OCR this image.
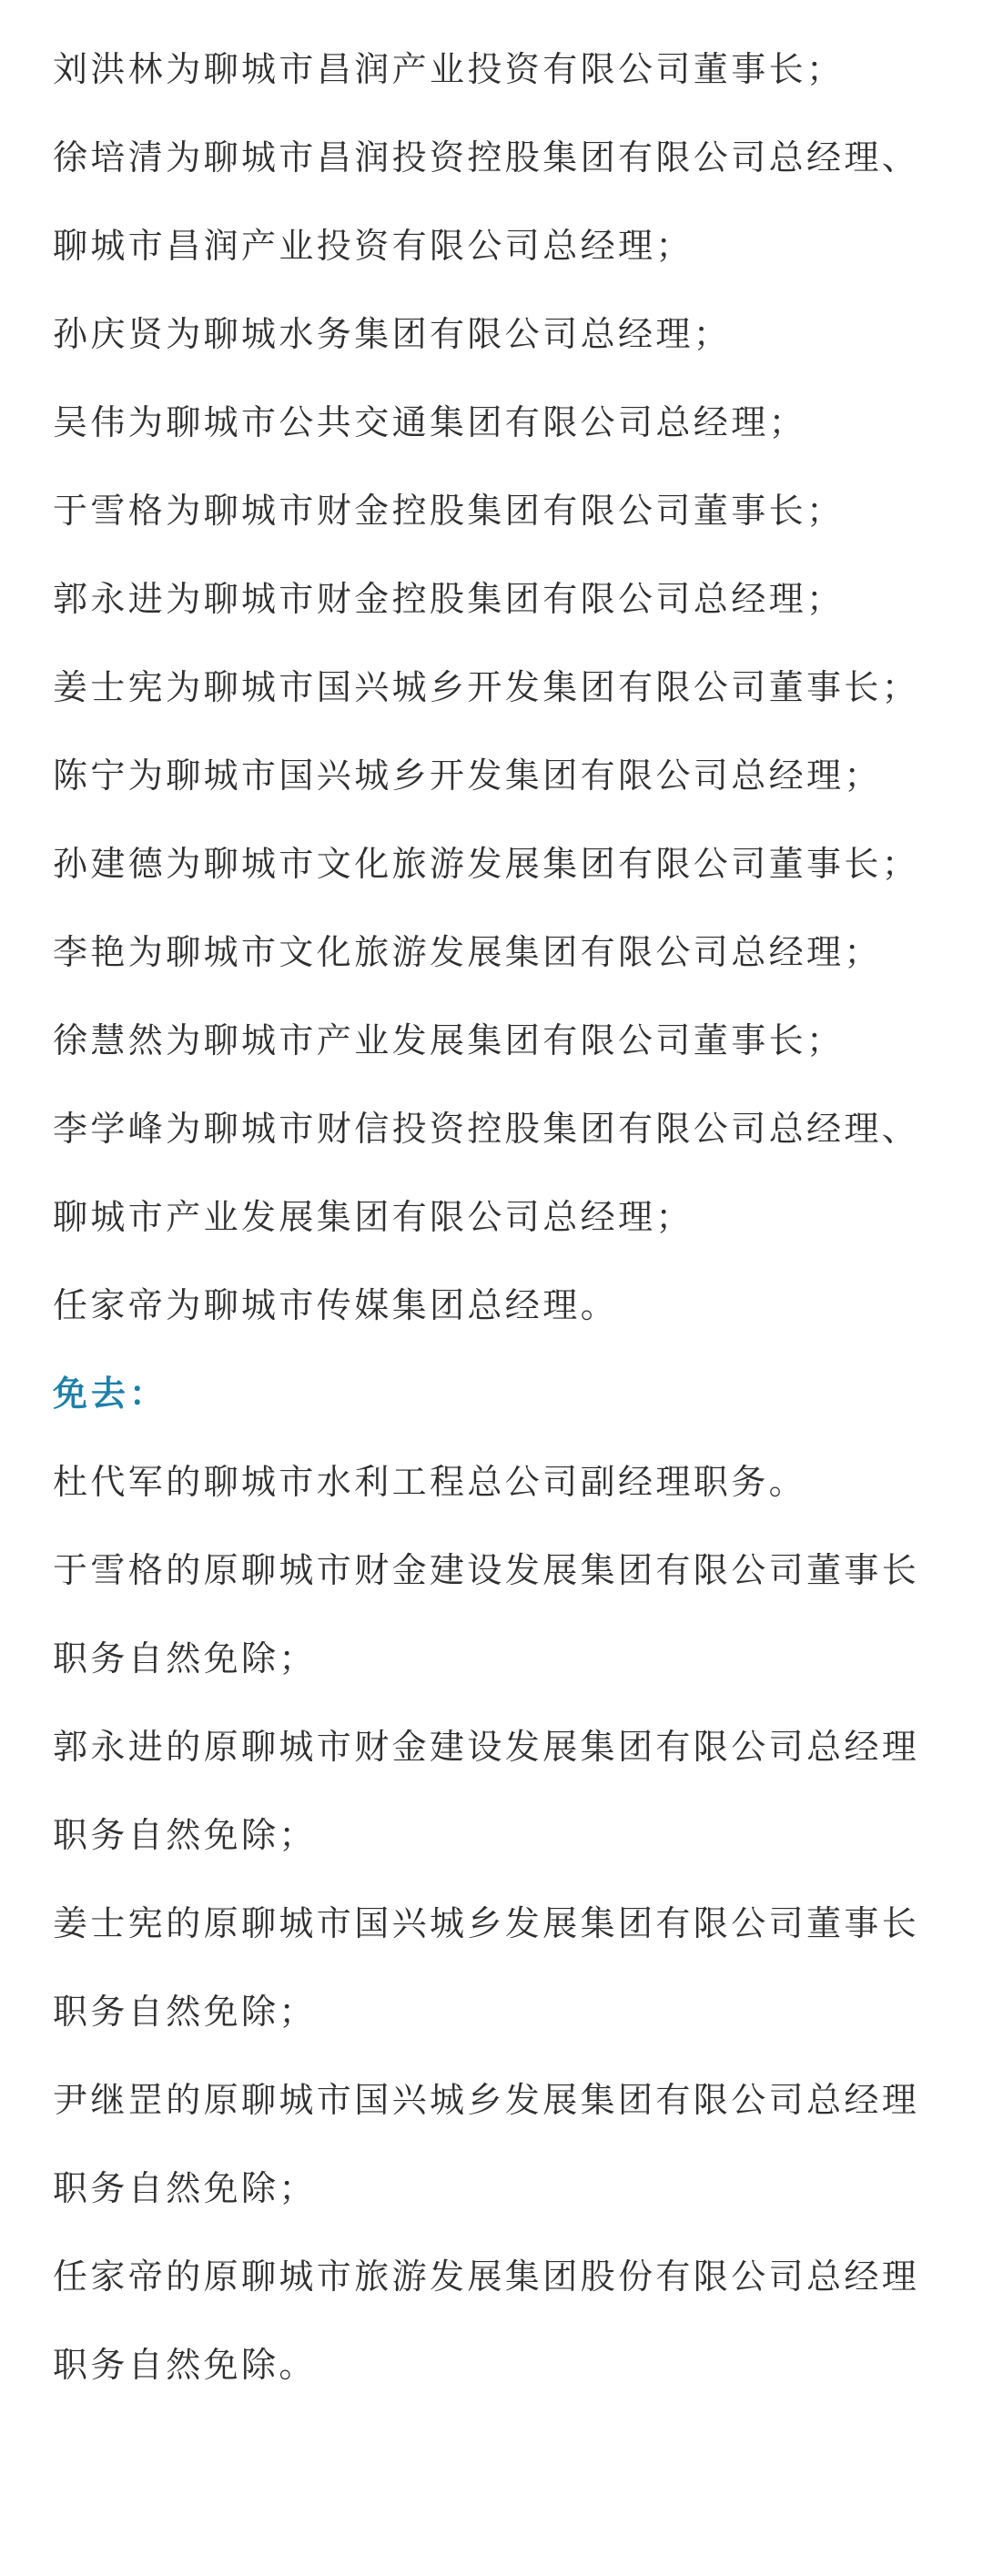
刘洪林为聊城市昌润产业投资有限公司董事长；

徐培清为聊城市昌润投资控股集团有限公司总经理、聊城市昌润产业投资有限公司总经理；

孙庆贤为聊城水务集团有限公司总经理；

吴伟为聊城市公共交通集团有限公司总经理；

于雪格为聊城市财金控股集团有限公司董事长；

郭永进为聊城市财金控股集团有限公司总经理；

姜士宪为聊城市国兴城乡开发集团有限公司董事长；

陈宁为聊城市国兴城乡开发集团有限公司总经理；

孙建德为聊城市文化旅游发展集团有限公司董事长；

李艳为聊城市文化旅游发展集团有限公司总经理；

徐慧然为聊城市产业发展集团有限公司董事长；

李学峰为聊城市财信投资控股集团有限公司总经理、聊城市产业发展集团有限公司总经理；

任家帝为聊城市传媒集团总经理。

免去：

杜代军的聊城市水利工程总公司副经理职务。

于雪格的原聊城市财金建设发展集团有限公司董事长职务自然免除；

郭永进的原聊城市财金建设发展集团有限公司总经理职务自然免除；

姜士宪的原聊城市国兴城乡发展集团有限公司董事长职务自然免除；

尹继罡的原聊城市国兴城乡发展集团有限公司总经理职务自然免除；

任家帝的原聊城市旅游发展集团股份有限公司总经理职务自然免除。
